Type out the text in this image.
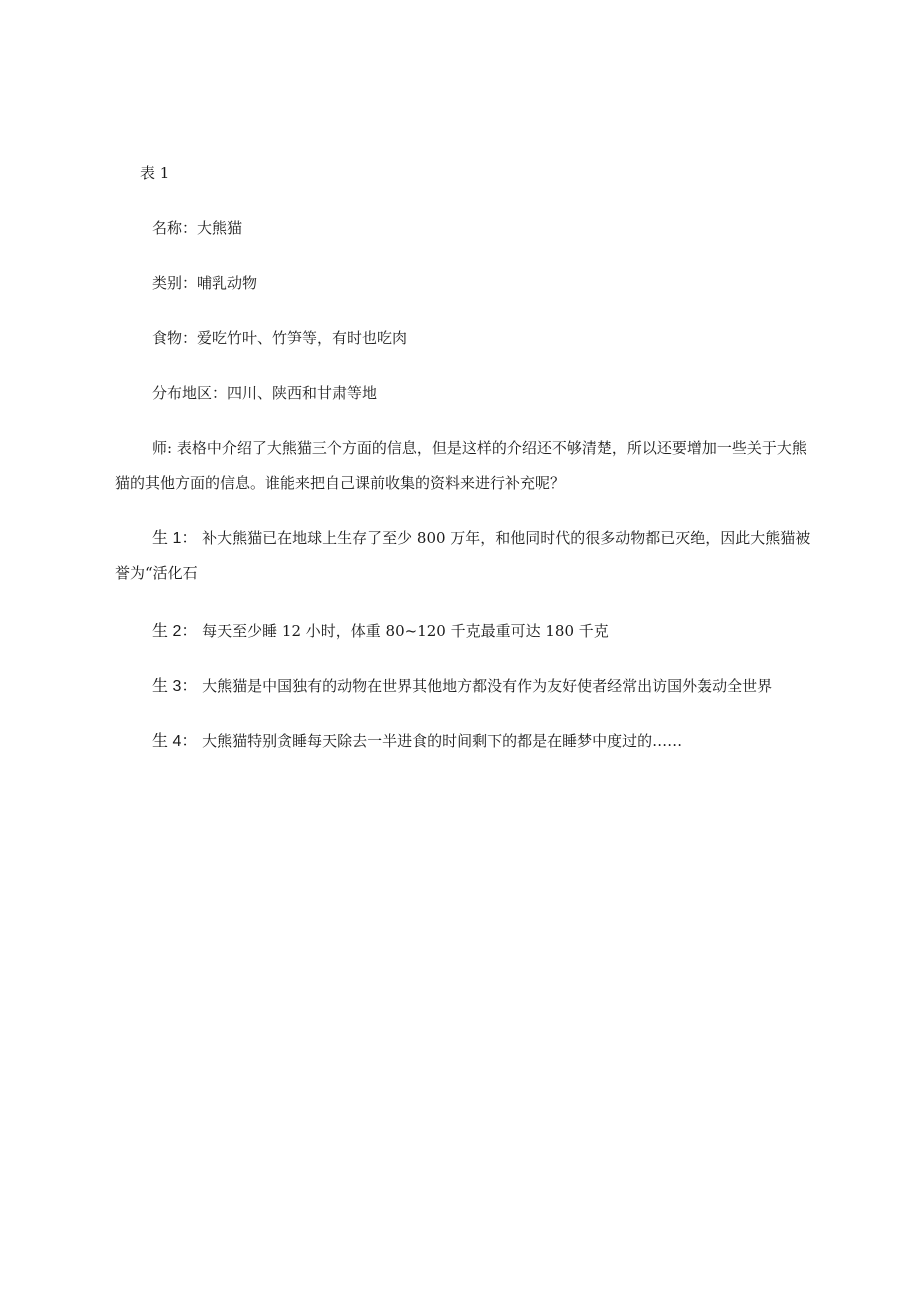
表 1
名称：大熊猫
类别：哺乳动物
食物：爱吃竹叶、竹笋等，有时也吃肉
分布地区：四川、陕西和甘肃等地
师: 表格中介绍了大熊猫三个方面的信息，但是这样的介绍还不够清楚，所以还要增加一些关于大熊猫的其他方面的信息。谁能来把自己课前收集的资料来进行补充呢？
生 1： 补大熊猫已在地球上生存了至少 800 万年，和他同时代的很多动物都已灭绝，因此大熊猫被誉为“活化石
生 2： 每天至少睡 12 小时，体重 80~120 千克最重可达 180 千克
生 3： 大熊猫是中国独有的动物在世界其他地方都没有作为友好使者经常出访国外轰动全世界
生 4： 大熊猫特别贪睡每天除去一半进食的时间剩下的都是在睡梦中度过的……
